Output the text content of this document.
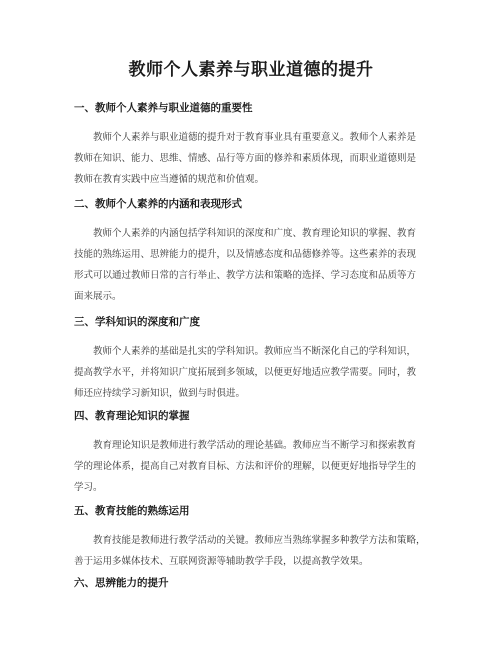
教师个人素养与职业道德的提升
一、教师个人素养与职业道德的重要性

教师个人素养与职业道德的提升对于教育事业具有重要意义。教师个人素养是
教师在知识、能力、思维、情感、品行等方面的修养和素质体现，而职业道德则是
教师在教育实践中应当遵循的规范和价值观。

二、教师个人素养的内涵和表现形式

教师个人素养的内涵包括学科知识的深度和广度、教育理论知识的掌握、教育
技能的熟练运用、思辨能力的提升，以及情感态度和品德修养等。这些素养的表现
形式可以通过教师日常的言行举止、教学方法和策略的选择、学习态度和品质等方
面来展示。

三、学科知识的深度和广度

教师个人素养的基础是扎实的学科知识。教师应当不断深化自己的学科知识，
提高教学水平，并将知识广度拓展到多领域，以便更好地适应教学需要。同时，教
师还应持续学习新知识，做到与时俱进。

四、教育理论知识的掌握

教育理论知识是教师进行教学活动的理论基础。教师应当不断学习和探索教育
学的理论体系，提高自己对教育目标、方法和评价的理解，以便更好地指导学生的
学习。

五、教育技能的熟练运用

教育技能是教师进行教学活动的关键。教师应当熟练掌握多种教学方法和策略，
善于运用多媒体技术、互联网资源等辅助教学手段，以提高教学效果。

六、思辨能力的提升
